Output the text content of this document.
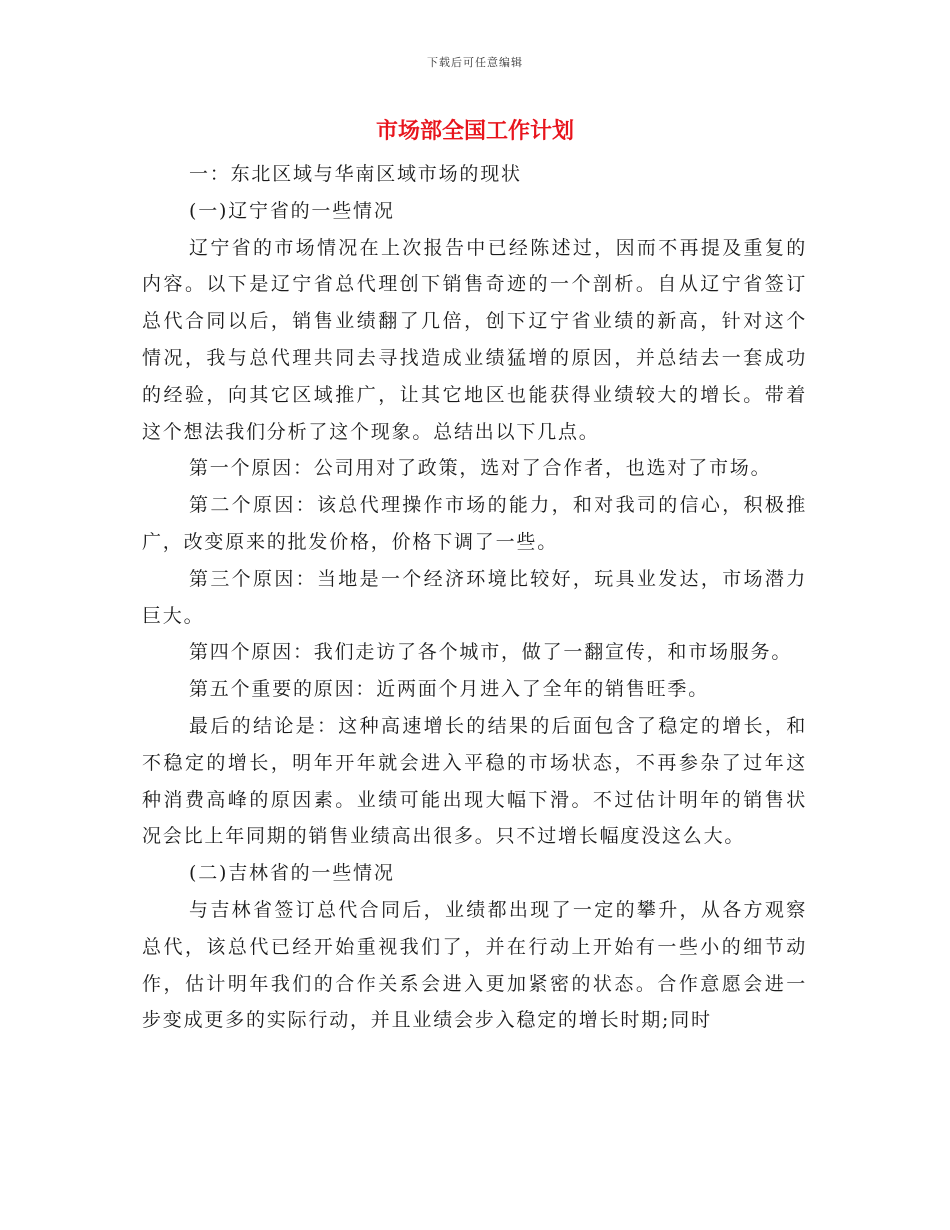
下载后可任意编辑
市场部全国工作计划

一：东北区域与华南区域市场的现状

(一)辽宁省的一些情况

辽宁省的市场情况在上次报告中已经陈述过，因而不再提及重复的内容。以下是辽宁省总代理创下销售奇迹的一个剖析。自从辽宁省签订总代合同以后，销售业绩翻了几倍，创下辽宁省业绩的新高，针对这个情况，我与总代理共同去寻找造成业绩猛增的原因，并总结去一套成功的经验，向其它区域推广，让其它地区也能获得业绩较大的增长。带着这个想法我们分析了这个现象。总结出以下几点。

第一个原因：公司用对了政策，选对了合作者，也选对了市场。

第二个原因：该总代理操作市场的能力，和对我司的信心，积极推广，改变原来的批发价格，价格下调了一些。

第三个原因：当地是一个经济环境比较好，玩具业发达，市场潜力巨大。

第四个原因：我们走访了各个城市，做了一翻宣传，和市场服务。

第五个重要的原因：近两面个月进入了全年的销售旺季。

最后的结论是：这种高速增长的结果的后面包含了稳定的增长，和不稳定的增长，明年开年就会进入平稳的市场状态，不再参杂了过年这种消费高峰的原因素。业绩可能出现大幅下滑。不过估计明年的销售状况会比上年同期的销售业绩高出很多。只不过增长幅度没这么大。

(二)吉林省的一些情况

与吉林省签订总代合同后，业绩都出现了一定的攀升，从各方观察总代，该总代已经开始重视我们了，并在行动上开始有一些小的细节动作，估计明年我们的合作关系会进入更加紧密的状态。合作意愿会进一步变成更多的实际行动，并且业绩会步入稳定的增长时期;同时
